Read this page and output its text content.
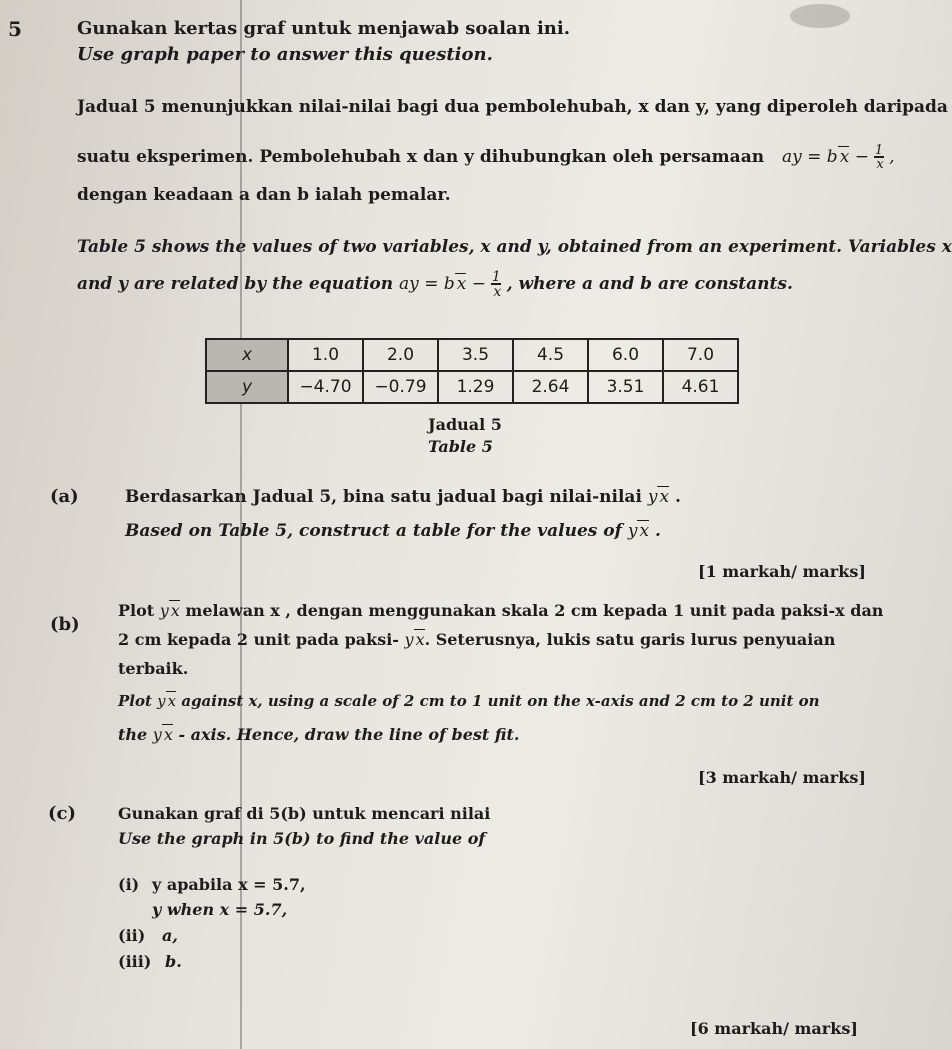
5	Gunakan kertas graf untuk menjawab soalan ini.
Use graph paper to answer this question.
Jadual 5 menunjukkan nilai-nilai bagi dua pembolehubah, x dan y, yang diperoleh daripada
suatu eksperimen. Pembolehubah x dan y dihubungkan oleh persamaan ay = b $x - \frac{1}{x}$ ,
dengan keadaan a dan b ialah pemalar.
Table 5 shows the values of two variables, x and y, obtained from an experiment. Variables x
and y are related by the equation ay = b $x - \frac{1}{x}$ , where a and b are constants.
x	1.0	2.0	3.5	4.5	6.0	7.0
y	−4.70	−0.79	1.29	2.64	3.51	4.61
Jadual 5
Table 5
(a)	Berdasarkan Jadual 5, bina satu jadual bagi nilai-nilai y x .
Based on Table 5, construct a table for the values of y x .
[1 markah/ marks]
(b)
Plot y x melawan x , dengan menggunakan skala 2 cm kepada 1 unit pada paksi-x dan
2 cm kepada 2 unit pada paksi- y x. Seterusnya, lukis satu garis lurus penyuaian
terbaik.
Plot y x against x, using a scale of 2 cm to 1 unit on the x-axis and 2 cm to 2 unit on
the y x - axis. Hence, draw the line of best fit.
[3 markah/ marks]
(c)	Gunakan graf di 5(b) untuk mencari nilai
Use the graph in 5(b) to find the value of
(i) y apabila x = 5.7,
y when x = 5.7,
(ii) a,
(iii) b.
[6 markah/ marks]
